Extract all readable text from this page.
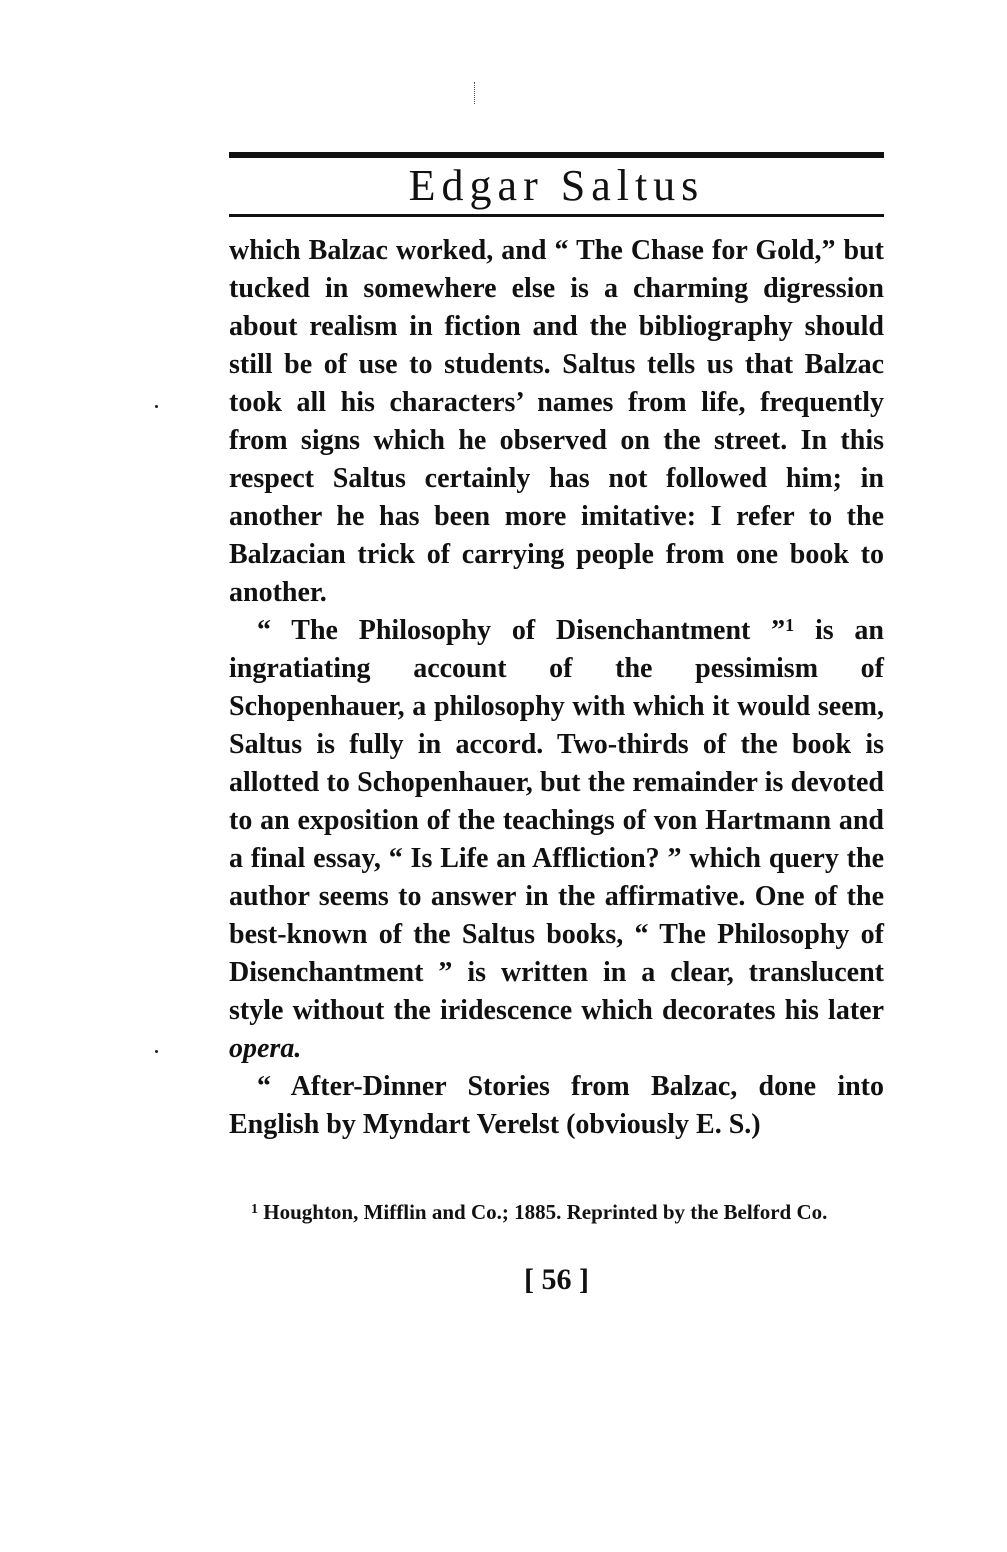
Edgar Saltus

which Balzac worked, and “ The Chase for Gold,” but tucked in somewhere else is a charming digression about realism in fiction and the bibliography should still be of use to students. Saltus tells us that Balzac took all his characters’ names from life, frequently from signs which he observed on the street. In this respect Saltus certainly has not followed him; in another he has been more imitative: I refer to the Balzacian trick of carrying people from one book to another.

“ The Philosophy of Disenchantment ”$^1$ is an ingratiating account of the pessimism of Schopenhauer, a philosophy with which it would seem, Saltus is fully in accord. Two-thirds of the book is allotted to Schopenhauer, but the remainder is devoted to an exposition of the teachings of von Hartmann and a final essay, “ Is Life an Affliction? ” which query the author seems to answer in the affirmative. One of the best-known of the Saltus books, “ The Philosophy of Disenchantment ” is written in a clear, translucent style without the iridescence which decorates his later opera.

“ After-Dinner Stories from Balzac, done into English by Myndart Verelst (obviously E. S.)

$^1$ Houghton, Mifflin and Co.; 1885. Reprinted by the Belford Co.
[ 56 ]
